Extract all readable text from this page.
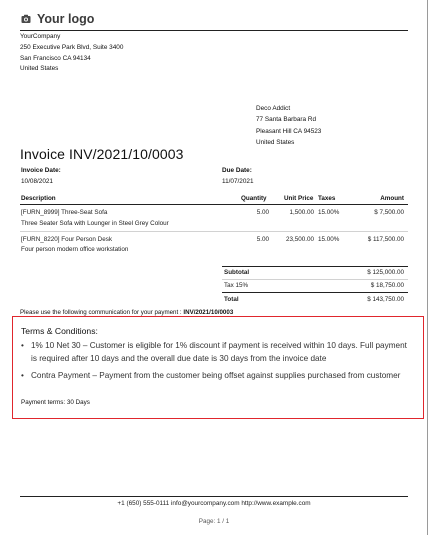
Your logo
YourCompany
250 Executive Park Blvd, Suite 3400
San Francisco CA 94134
United States
Deco Addict
77 Santa Barbara Rd
Pleasant Hill CA 94523
United States
Invoice INV/2021/10/0003
Invoice Date:
10/08/2021
Due Date:
11/07/2021
Description	Quantity	Unit Price Taxes	Amount
[FURN_8999] Three-Seat Sofa
Three Seater Sofa with Lounger in Steel Grey Colour
5.00	1,500.00 15.00%	$ 7,500.00
[FURN_8220] Four Person Desk
Four person modern office workstation
5.00	23,500.00 15.00%	$ 117,500.00
Subtotal	$ 125,000.00
Tax 15%	$ 18,750.00
Total	$ 143,750.00
Please use the following communication for your payment : INV/2021/10/0003
Terms & Conditions:
• 1% 10 Net 30 – Customer is eligible for 1% discount if payment is received within 10 days. Full payment is required after 10 days and the overall due date is 30 days from the invoice date
• Contra Payment – Payment from the customer being offset against supplies purchased from customer
Payment terms: 30 Days
+1 (650) 555-0111 info@yourcompany.com http://www.example.com
Page: 1 / 1
